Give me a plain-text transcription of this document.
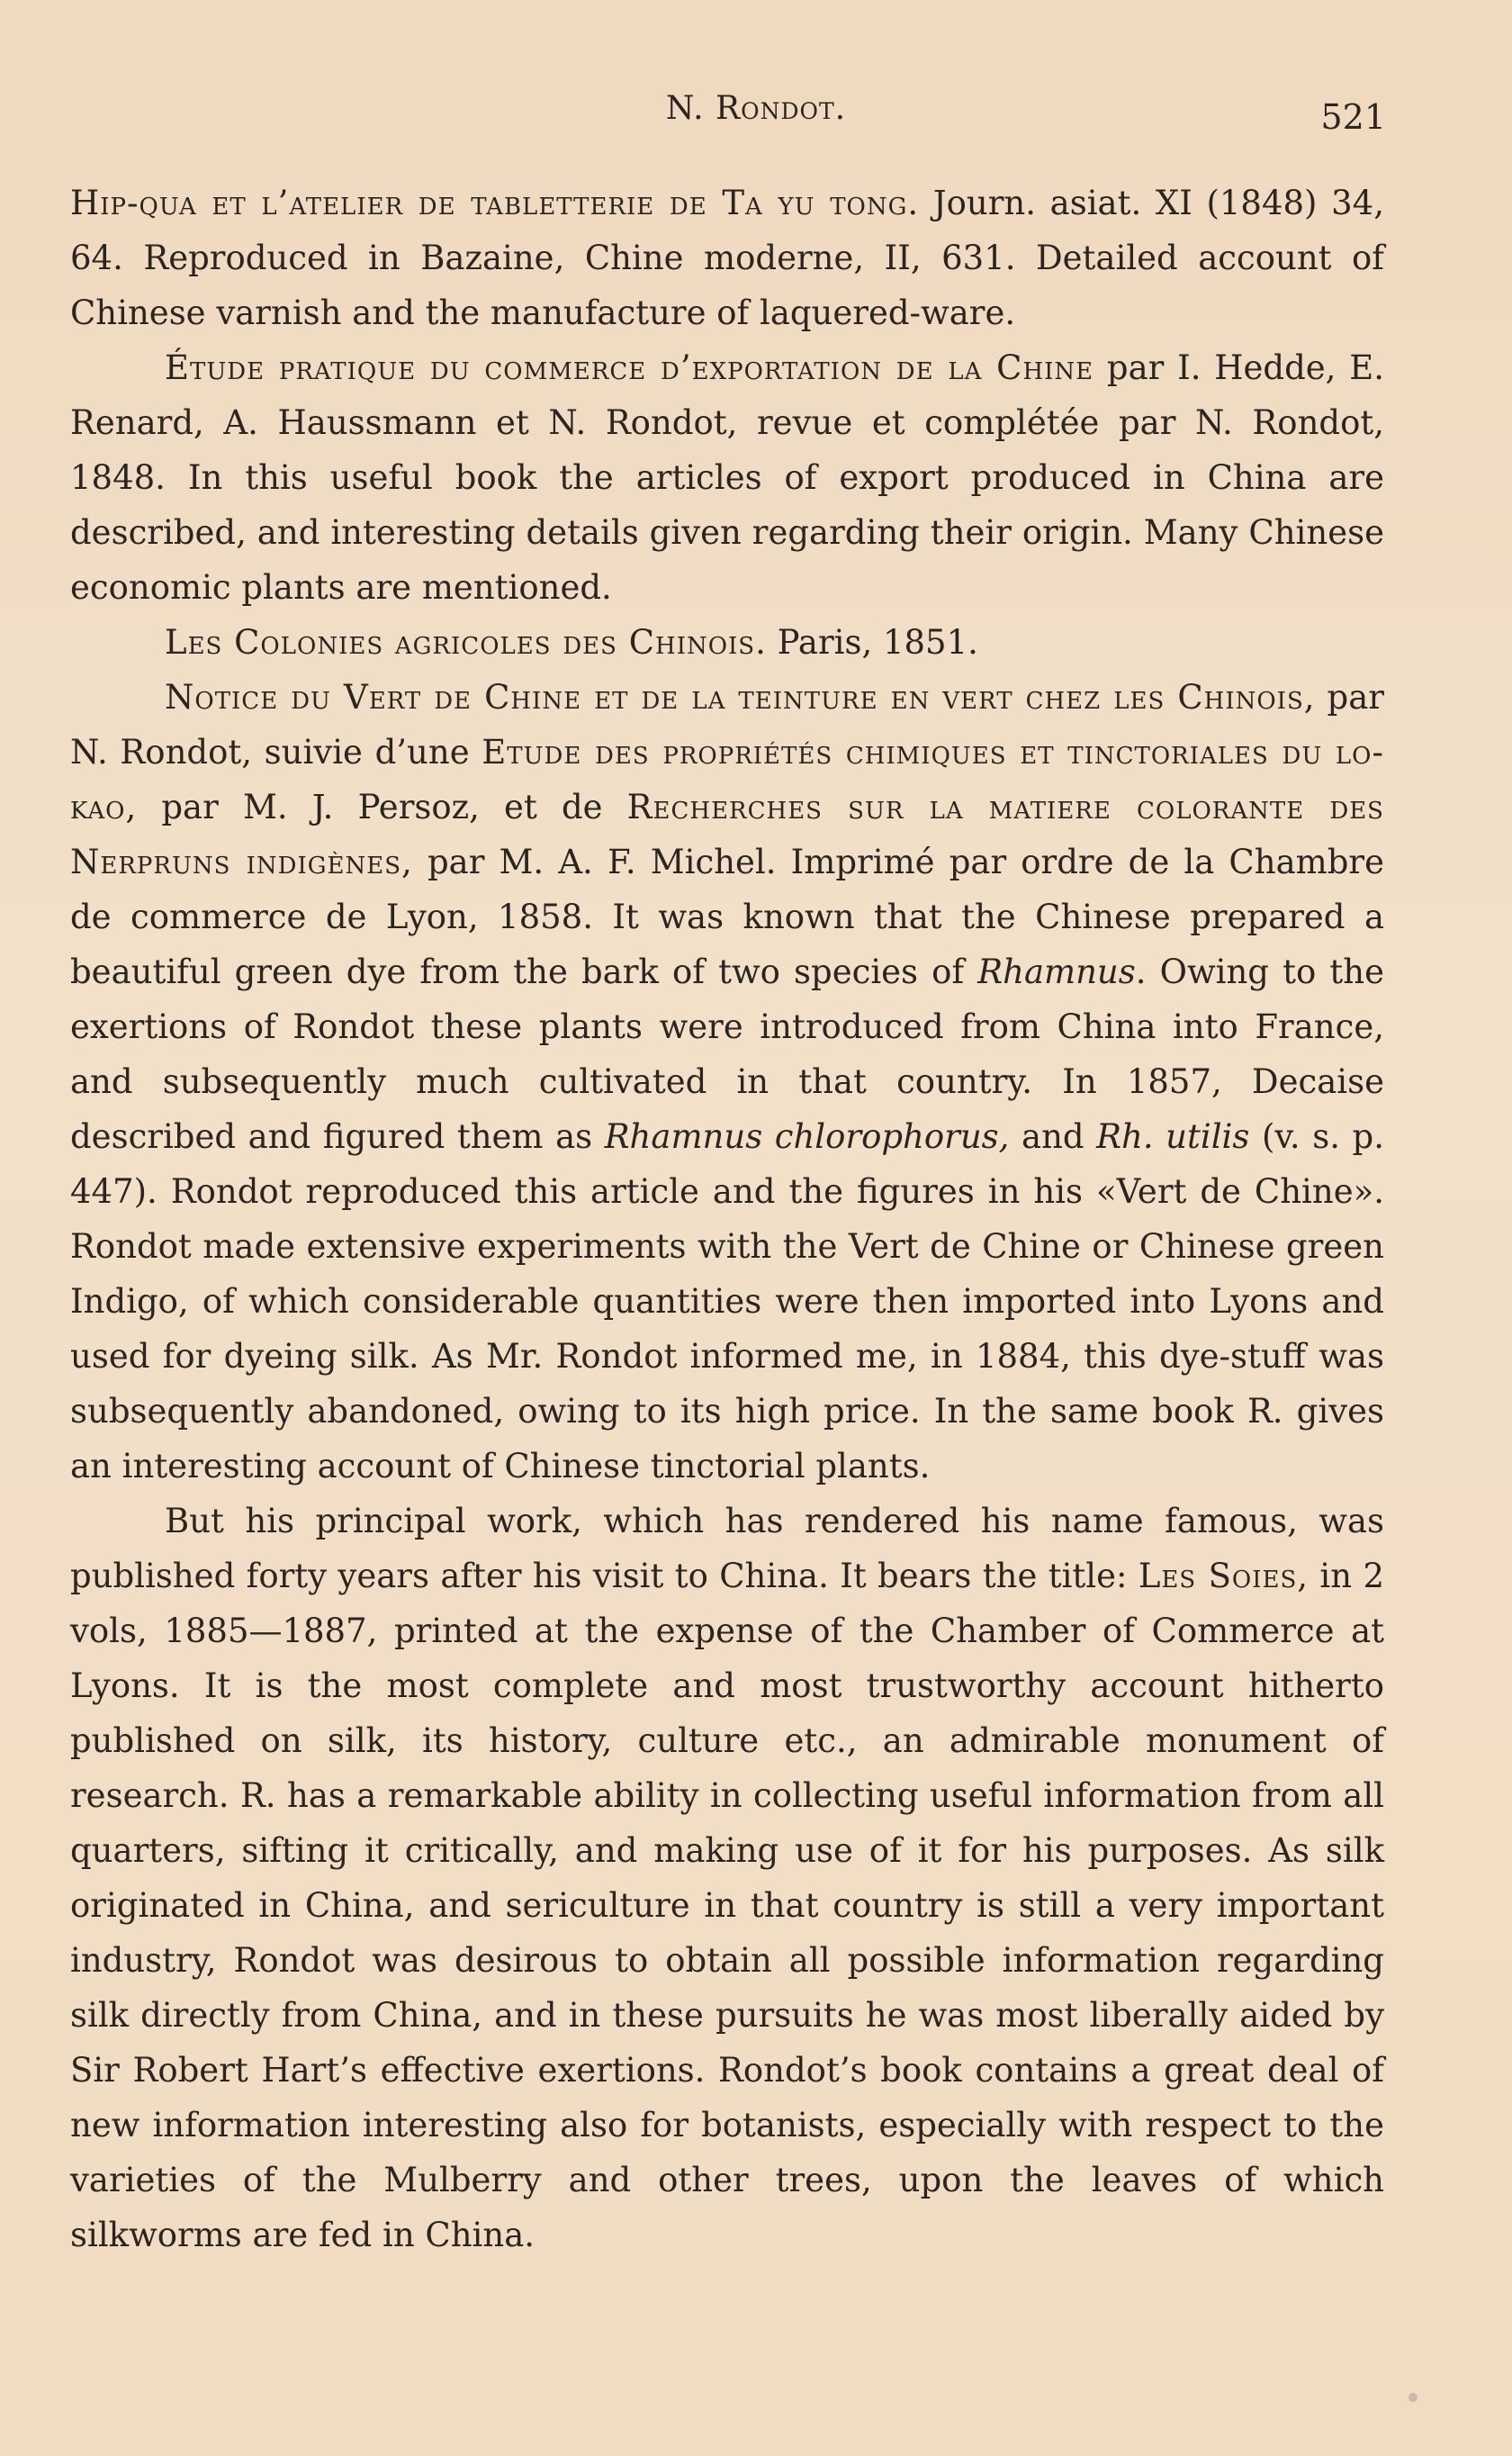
N. Rondot.	521

Hip-qua et l’atelier de tabletterie de Ta yu tong. Journ. asiat. XI (1848) 34, 64. Reproduced in Bazaine, Chine moderne, II, 631. Detailed account of Chinese varnish and the manufacture of laquered-ware.

Étude pratique du commerce d’exportation de la Chine par I. Hedde, E. Renard, A. Haussmann et N. Rondot, revue et complétée par N. Rondot, 1848. In this useful book the articles of export produced in China are described, and interesting details given regarding their origin. Many Chinese economic plants are mentioned.

Les Colonies agricoles des Chinois. Paris, 1851.

Notice du Vert de Chine et de la teinture en vert chez les Chinois, par N. Rondot, suivie d’une Etude des propriétés chimiques et tinctoriales du lo-kao, par M. J. Persoz, et de Recherches sur la matiere colorante des Nerpruns indigènes, par M. A. F. Michel. Imprimé par ordre de la Chambre de commerce de Lyon, 1858. It was known that the Chinese prepared a beautiful green dye from the bark of two species of Rhamnus. Owing to the exertions of Rondot these plants were introduced from China into France, and subsequently much cultivated in that country. In 1857, Decaise described and figured them as Rhamnus chlorophorus, and Rh. utilis (v. s. p. 447). Rondot reproduced this article and the figures in his «Vert de Chine». Rondot made extensive experiments with the Vert de Chine or Chinese green Indigo, of which considerable quantities were then imported into Lyons and used for dyeing silk. As Mr. Rondot informed me, in 1884, this dye-stuff was subsequently abandoned, owing to its high price. In the same book R. gives an interesting account of Chinese tinctorial plants.

But his principal work, which has rendered his name famous, was published forty years after his visit to China. It bears the title: Les Soies, in 2 vols, 1885—1887, printed at the expense of the Chamber of Commerce at Lyons. It is the most complete and most trustworthy account hitherto published on silk, its history, culture etc., an admirable monument of research. R. has a remarkable ability in collecting useful information from all quarters, sifting it critically, and making use of it for his purposes. As silk originated in China, and sericulture in that country is still a very important industry, Rondot was desirous to obtain all possible information regarding silk directly from China, and in these pursuits he was most liberally aided by Sir Robert Hart’s effective exertions. Rondot’s book contains a great deal of new information interesting also for botanists, especially with respect to the varieties of the Mulberry and other trees, upon the leaves of which silkworms are fed in China.
